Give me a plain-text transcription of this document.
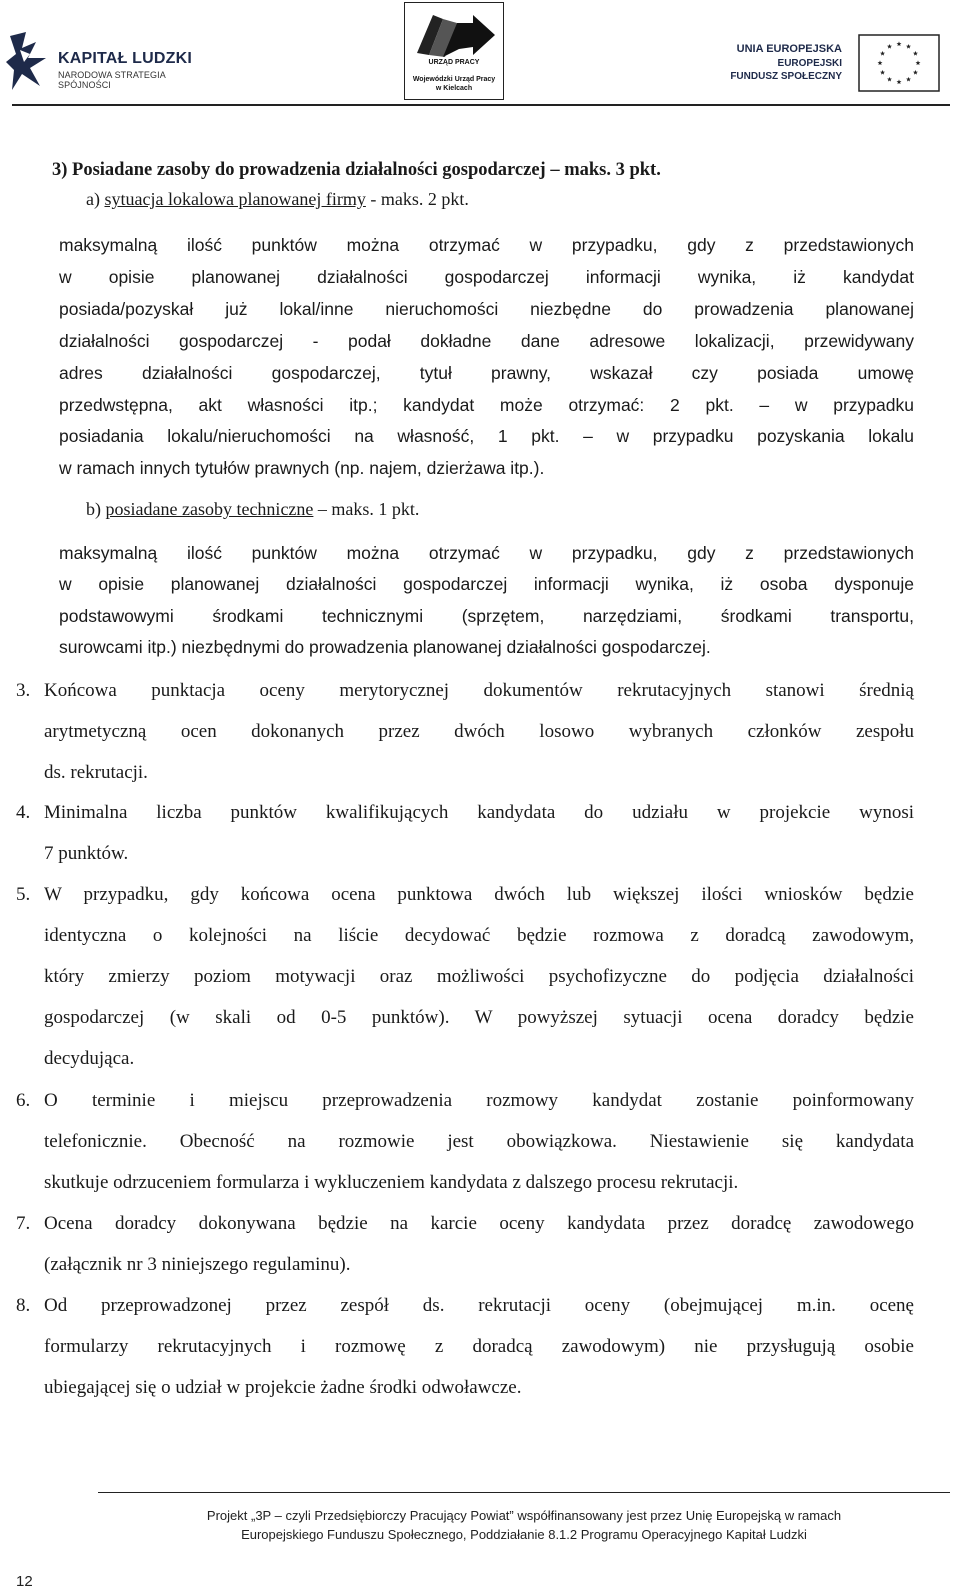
KAPITAŁ LUDZKI
NARODOWA STRATEGIA SPÓJNOŚCI
URZĄD PRACY
Wojewódzki Urząd Pracy
w Kielcach
UNIA EUROPEJSKA
EUROPEJSKI
FUNDUSZ SPOŁECZNY
3) Posiadane zasoby do prowadzenia działalności gospodarczej – maks. 3 pkt.
a) sytuacja lokalowa planowanej firmy - maks. 2 pkt.
maksymalną ilość punktów można otrzymać w przypadku, gdy z przedstawionych
w opisie planowanej działalności gospodarczej informacji wynika, iż kandydat
posiada/pozyskał już lokal/inne nieruchomości niezbędne do prowadzenia planowanej
działalności gospodarczej - podał dokładne dane adresowe lokalizacji, przewidywany
adres działalności gospodarczej, tytuł prawny, wskazał czy posiada umowę
przedwstępna, akt własności itp.; kandydat może otrzymać: 2 pkt. – w przypadku
posiadania lokalu/nieruchomości na własność, 1 pkt. – w przypadku pozyskania lokalu
w ramach innych tytułów prawnych (np. najem, dzierżawa itp.).
b) posiadane zasoby techniczne – maks. 1 pkt.
maksymalną ilość punktów można otrzymać w przypadku, gdy z przedstawionych
w opisie planowanej działalności gospodarczej informacji wynika, iż osoba dysponuje
podstawowymi środkami technicznymi (sprzętem, narzędziami, środkami transportu,
surowcami itp.) niezbędnymi do prowadzenia planowanej działalności gospodarczej.
3. Końcowa punktacja oceny merytorycznej dokumentów rekrutacyjnych stanowi średnią
arytmetyczną ocen dokonanych przez dwóch losowo wybranych członków zespołu
ds. rekrutacji.
4. Minimalna liczba punktów kwalifikujących kandydata do udziału w projekcie wynosi
7 punktów.
5. W przypadku, gdy końcowa ocena punktowa dwóch lub większej ilości wniosków będzie
identyczna o kolejności na liście decydować będzie rozmowa z doradcą zawodowym,
który zmierzy poziom motywacji oraz możliwości psychofizyczne do podjęcia działalności
gospodarczej (w skali od 0-5 punktów). W powyższej sytuacji ocena doradcy będzie
decydująca.
6. O terminie i miejscu przeprowadzenia rozmowy kandydat zostanie poinformowany
telefonicznie. Obecność na rozmowie jest obowiązkowa. Niestawienie się kandydata
skutkuje odrzuceniem formularza i wykluczeniem kandydata z dalszego procesu rekrutacji.
7. Ocena doradcy dokonywana będzie na karcie oceny kandydata przez doradcę zawodowego
(załącznik nr 3 niniejszego regulaminu).
8. Od przeprowadzonej przez zespół ds. rekrutacji oceny (obejmującej m.in. ocenę
formularzy rekrutacyjnych i rozmowę z doradcą zawodowym) nie przysługują osobie
ubiegającej się o udział w projekcie żadne środki odwoławcze.
Projekt „3P – czyli Przedsiębiorczy Pracujący Powiat” współfinansowany jest przez Unię Europejską w ramach
Europejskiego Funduszu Społecznego, Poddziałanie 8.1.2 Programu Operacyjnego Kapitał Ludzki
12
